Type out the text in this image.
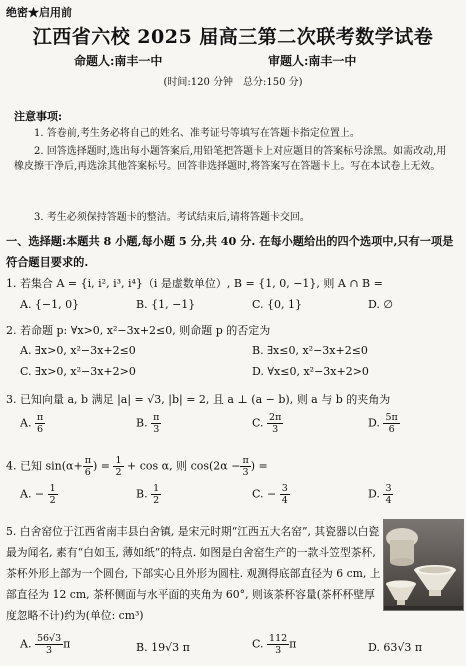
绝密★启用前
江西省六校 2025 届高三第二次联考数学试卷
命题人:南丰一中	审题人:南丰一中
(时间:120 分钟　总分:150 分)
注意事项:
1. 答卷前,考生务必将自己的姓名、准考证号等填写在答题卡指定位置上。
2. 回答选择题时,选出每小题答案后,用铅笔把答题卡上对应题目的答案标号涂黑。如需改动,用橡皮擦干净后,再选涂其他答案标号。回答非选择题时,将答案写在答题卡上。写在本试卷上无效。
3. 考生必须保持答题卡的整洁。考试结束后,请将答题卡交回。
一、选择题:本题共 8 小题,每小题 5 分,共 40 分. 在每小题给出的四个选项中,只有一项是符合题目要求的.
1. 若集合 A = {i, i², i³, i⁴}（i 是虚数单位）, B = {1, 0, −1}, 则 A ∩ B =
A. {−1, 0}	B. {1, −1}	C. {0, 1}	D. ∅
2. 若命题 p: ∀x>0, x²−3x+2≤0, 则命题 p 的否定为
A. ∃x>0, x²−3x+2≤0	B. ∃x≤0, x²−3x+2≤0
C. ∃x>0, x²−3x+2>0	D. ∀x≤0, x²−3x+2>0
3. 已知向量 a, b 满足 |a| = √3, |b| = 2, 且 a ⊥ (a − b), 则 a 与 b 的夹角为
A. $\frac{\pi}{6}$	B. $\frac{\pi}{3}$	C. $\frac{2\pi}{3}$	D. $\frac{5\pi}{6}$
4. 已知 $\sin(\alpha+ \frac{\pi}{6}$ ) = $\frac{1}{2} + \cos \alpha$, 则 $\cos(2\alpha - \frac{\pi}{3}$ ) =
A. − $\frac{1}{2}$	B. $\frac{1}{2}$	C. − $\frac{3}{4}$	D. $\frac{3}{4}$
5. 白舍窑位于江西省南丰县白舍镇, 是宋元时期“江西五大名窑”, 其瓷器以白瓷最为闻名, 素有“白如玉, 薄如纸”的特点. 如图是白舍窑生产的一款斗笠型茶杯, 茶杯外形上部为一个圆台, 下部实心且外形为圆柱. 观测得底部直径为 6 cm, 上部直径为 12 cm, 茶杯侧面与水平面的夹角为 60°, 则该茶杯容量(茶杯杯壁厚度忽略不计)约为(单位: cm³)
A. $\frac{56√3}{3}$ π	B. 19√3 π	C. $\frac{112}{3}$ π	D. 63√3 π
